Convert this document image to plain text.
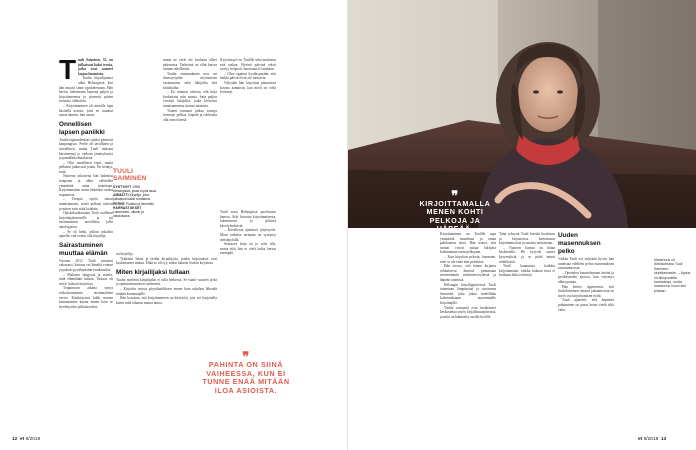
T uuli Saimisen, 33, on julkaissut kaksi teosta, jotka ovat saaneet laajaa huomiota.

Tuulin kirjailijanura alkoi Helsingissä, kun hän muutti sinne opiskelemaan. Hän kertoo lukeneensa lapsena paljon ja kirjoittaneensa jo pienestä pitäen tarinoita vihkoihin.

– Kirjoittaminen oli minulle tapa käsitellä asioita, joita en osannut sanoa ääneen, hän sanoo.

Onnellisen lapsen paniikki

Tuulin lapsuudenkoti sijaitsi pienessä kaupungissa. Perhe oli tavallinen ja turvallinen, mutta Tuuli muistaa kärsineensä jo varhain jännityksestä ja paniikkikohtauksista.

– Olin onnellinen lapsi, mutta pelkäsin jatkuvasti jotain. En tiennyt, mitä.

Nuorena aikuisena hän hakeutui terapiaan ja alkoi vähitellen ymmärtää omia tunteitaan. Kirjoittaminen nousi tärkeäksi osaksi toipumista.

– Terapia opetti minut tunnistamaan, mistä pelkoni tulevat ja miten voin niitä kohdata.

Opiskeluaikoinaan Tuuli osallistui kirjoittajakursseille ja sai ensimmäisen novellinsa julki antologiassa.

– Se oli hetki, jolloin uskalsin ajatella, että voisin olla kirjailija.

Sairastuminen muuttaa elämän

Vuonna 2012 Tuuli sairastui vakavasti. Sairaus vei häneltä voimat ja pakotti pysähtymään kuukausiksi.

– Makasin sängyssä ja mietin, mitä elämältäni haluan. Vastaus oli selvä: halusin kirjoittaa.

Toipumisen aikana syntyi esikoisromaanin ensimmäinen versio. Käsikirjoitus kulki monen kustantamon kautta ennen kuin se hyväksyttiin julkaistavaksi.

TUULI SAIMINEN
SYNTYNYT 1985 Helsingissä, jossa myös asuu.
AMMATTI Kirjailija, joka julkaissut kaksi romaania.
PERHE Puoliso ja lemmikki.
HARRASTUKSET Lukeminen, ulkoilu ja valokuvaus.

mutta ne eivät ole koskaan olleet pääosassa. Tärkeintä on ollut kertoa tarinaa rehellisesti.

Tuulin ensimmäinen teos sai ilmestyttyään myönteisen vastaanoton sekä lukijoilta että kriitikoilta.

– En osannut odottaa, että kirja koskettaisi niin monia. Sain paljon viestejä lukijoilta, jotka kertoivat tunnistaneensa itsensä tarinasta.

Toinen romaani jatkaa samoja teemoja: pelkoa, häpeää ja rohkeutta olla oma itsensä.

tai kirjailija.

Tykkäsin lukea ja tiedän kirjailijoita, joiden kirjoitukset ovat koskettaneet minua. Ehkä se oli syy, miksi halusin itsekin kirjoittaa.

Miten kirjailijaksi tullaan

Tuulin mielestä kirjailijaksi ei tulla hetkessä. Se vaatii vuosien työtä ja epäonnistumisten sietämistä.

– Kirjoitin vuosia pöytälaatikkoon ennen kuin uskalsin lähettää mitään kustantajalle.

Hän korostaa, että kirjoittaminen on käsityötä, jota voi harjoitella kuten mitä tahansa muuta taitoa.

Kirjoitustyö on Tuulille sekä nautintoa että tuskaa. Hyvinä päivinä teksti syntyy helposti, huonoina ei lainkaan.

– Olen oppinut hyväksymään, että kaikki päivät eivät ole tuottavia.

Nykyään hän kirjoittaa pääasiassa kotona aamuisin, kun mieli on vielä levännyt.

Tuuli asuu Helsingissä puolisonsa kanssa. Arki koostuu kirjoittamisesta, lukemisesta ja pitkistä kävelylenkeistä.

– Kävellessä ajatukset järjestyvät. Moni ratkaisu tarinaan on syntynyt metsäpolulla.

Seuraava kirja on jo työn alla, mutta siitä hän ei vielä halua kertoa enempää.

❞
PAHINTA ON SIINÄ VAIHEESSA, KUN EI TUNNE ENÄÄ MITÄÄN ILOA ASIOISTA.
12 et 6/2019

Kirjoittaminen on Tuulille tapa ymmärtää maailmaa ja omaa paikkaansa siinä. Hän uskoo, että tarinat voivat auttaa lukijoita kohtaamaan omia pelkojaan.

– Kun kirjoitan pelosta, huomaan, ettei se ole enää niin pelottava.

Hän toivoo, että hänen kirjansa rohkaisevat ihmisiä puhumaan avoimemmin mielenterveydestä ja häpeän tunteista.

Helsingin kirjailijapiireissä Tuuli tunnetaan lämpimänä ja avoimena ihmisenä, joka jakaa mielellään kokemuksiaan nuoremmille kirjoittajille.

Tuulin romaanit ovat herättäneet keskustelua myös kirjallisuuspiireissä, ja niitä on käännetty useille kielille.

Tänä syksynä Tuuli kiertää kouluissa ja kirjastoissa kertomassa kirjoittamisesta ja omasta tarinastaan.

– Nuorten kanssa on ihana keskustella. He kysyvät suoria kysymyksiä, ja se pitää minut rehellisenä.

Tuuli kannustaa kaikkia kirjoittamaan, vaikka kukaan muu ei koskaan lukisi tekstejä.

Uuden masennuksen pelko

Vaikka Tuuli voi nykyään hyvin, hän tunnistaa edelleen pelon masennuksen uusiutumisesta.

– Opettelen kuuntelemaan itseäni ja pysähtymään ajoissa, kun väsymys alkaa painaa.

Hän kertoo oppineensa, että huolehtiminen omasta jaksamisesta on myös osa kirjoittamisen työtä.

Tuuli ajattelee, että häpeästä puhuminen on paras keino viedä siltä valta.

et 6/2019 13
❞
KIRJOITTAMALLA MENEN KOHTI PELKOJA JA HÄPEÄÄ.
Masennus oli lähtökohtana Tuuli Saimisen kirjoittamiselle. – Ajatus oli alkupuolella kauheampi, mutta masennus nousi sen pintaan.
